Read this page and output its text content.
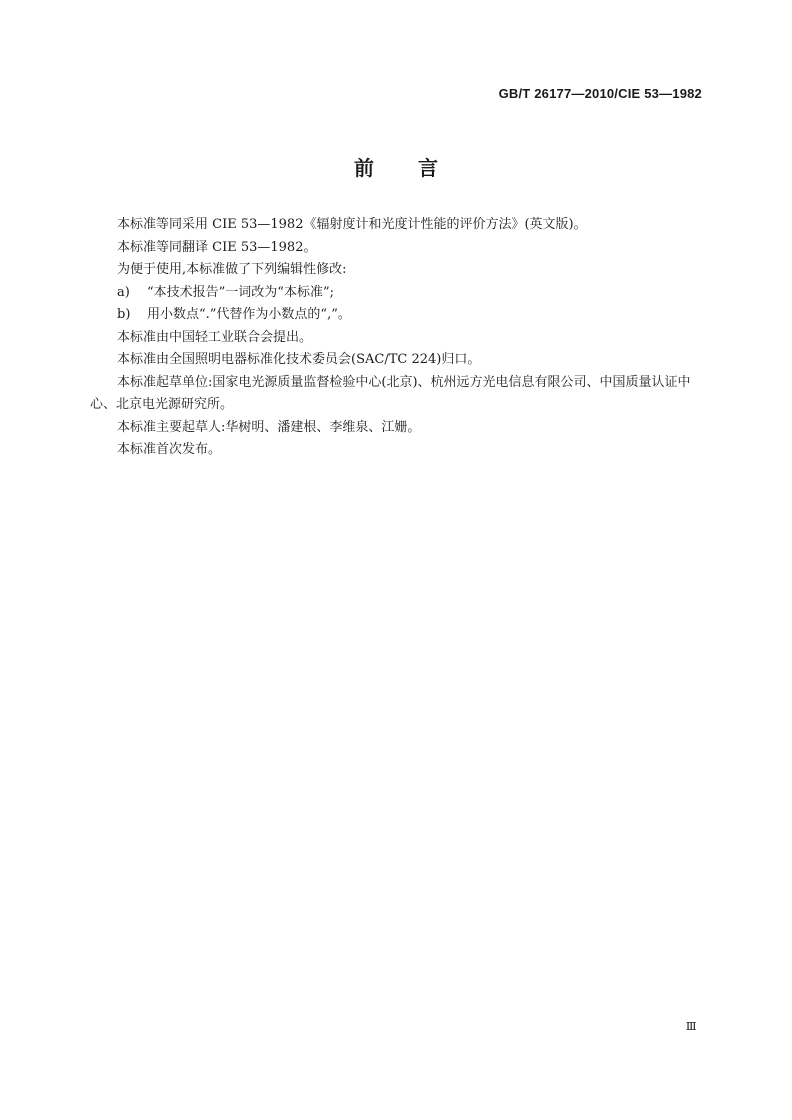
GB/T 26177—2010/CIE 53—1982
前言

本标准等同采用 CIE 53—1982《辐射度计和光度计性能的评价方法》(英文版)。

本标准等同翻译 CIE 53—1982。

为便于使用,本标准做了下列编辑性修改:

a) “本技术报告”一词改为“本标准”;

b) 用小数点“.”代替作为小数点的“,”。

本标准由中国轻工业联合会提出。

本标准由全国照明电器标准化技术委员会(SAC/TC 224)归口。

本标准起草单位:国家电光源质量监督检验中心(北京)、杭州远方光电信息有限公司、中国质量认证中心、北京电光源研究所。

本标准主要起草人:华树明、潘建根、李维泉、江姗。

本标准首次发布。

Ⅲ
